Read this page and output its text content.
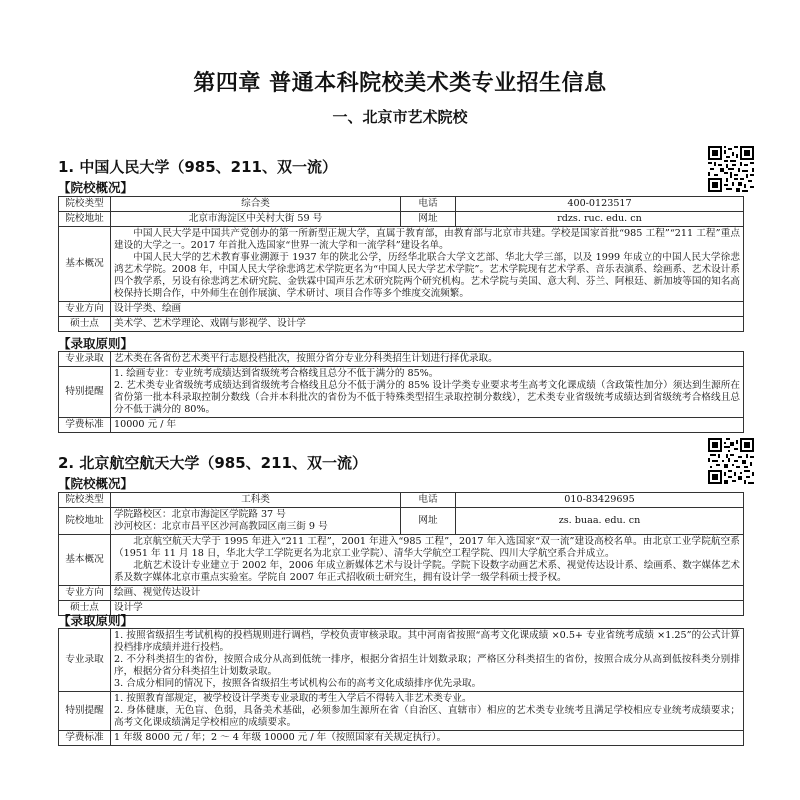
第四章 普通本科院校美术类专业招生信息
一、北京市艺术院校
1. 中国人民大学（985、211、双一流）
【院校概况】
院校类型	综合类	电话	400-0123517
院校地址	北京市海淀区中关村大街 59 号	网址	rdzs. ruc. edu. cn
基本概况	中国人民大学是中国共产党创办的第一所新型正规大学，直属于教育部，由教育部与北京市共建。学校是国家首批“985 工程”“211 工程”重点建设的大学之一。2017 年首批入选国家“世界一流大学和一流学科”建设名单。

中国人民大学的艺术教育事业溯源于 1937 年的陕北公学，历经华北联合大学文艺部、华北大学三部，以及 1999 年成立的中国人民大学徐悲鸿艺术学院。2008 年，中国人民大学徐悲鸿艺术学院更名为“中国人民大学艺术学院”。艺术学院现有艺术学系、音乐表演系、绘画系、艺术设计系四个教学系，另设有徐悲鸿艺术研究院、金铁霖中国声乐艺术研究院两个研究机构。艺术学院与美国、意大利、芬兰、阿根廷、新加坡等国的知名高校保持长期合作，中外师生在创作展演、学术研讨、项目合作等多个维度交流频繁。		

专业方向	设计学类、绘画		
硕士点	美术学、艺术学理论、戏剧与影视学、设计学		
【录取原则】
专业录取	艺术类在各省份艺术类平行志愿投档批次，按照分省分专业分科类招生计划进行择优录取。
特别提醒	1. 绘画专业：专业统考成绩达到省级统考合格线且总分不低于满分的 85%。

2. 艺术类专业省级统考成绩达到省级统考合格线且总分不低于满分的 85% 设计学类专业要求考生高考文化课成绩（含政策性加分）须达到生源所在省份第一批本科录取控制分数线（合并本科批次的省份为不低于特殊类型招生录取控制分数线），艺术类专业省级统考成绩达到省级统考合格线且总分不低于满分的 80%。

学费标准	10000 元 / 年
2. 北京航空航天大学（985、211、双一流）
【院校概况】
院校类型	工科类	电话	010-83429695
院校地址	学院路校区：北京市海淀区学院路 37 号
沙河校区：北京市昌平区沙河高教园区南三街 9 号	网址	zs. buaa. edu. cn
基本概况	北京航空航天大学于 1995 年进入“211 工程”，2001 年进入“985 工程”，2017 年入选国家“双一流”建设高校名单。由北京工业学院航空系（1951 年 11 月 18 日，华北大学工学院更名为北京工业学院）、清华大学航空工程学院、四川大学航空系合并成立。

北航艺术设计专业建立于 2002 年，2006 年成立新媒体艺术与设计学院。学院下设数字动画艺术系、视觉传达设计系、绘画系、数字媒体艺术系及数字媒体北京市重点实验室。学院自 2007 年正式招收硕士研究生，拥有设计学一级学科硕士授予权。		

专业方向	绘画、视觉传达设计		
硕士点	设计学		
【录取原则】
专业录取	1. 按照省级招生考试机构的投档规则进行调档，学校负责审核录取。其中河南省按照“高考文化课成绩 ×0.5+ 专业省统考成绩 ×1.25”的公式计算投档排序成绩并进行投档。

2. 不分科类招生的省份，按照合成分从高到低统一排序，根据分省招生计划数录取；严格区分科类招生的省份，按照合成分从高到低按科类分别排序，根据分省分科类招生计划数录取。

3. 合成分相同的情况下，按照各省级招生考试机构公布的高考文化成绩排序优先录取。

特别提醒	1. 按照教育部规定，被学校设计学类专业录取的考生入学后不得转入非艺术类专业。

2. 身体健康，无色盲、色弱，具备美术基础，必须参加生源所在省（自治区、直辖市）相应的艺术类专业统考且满足学校相应专业统考成绩要求；高考文化课成绩满足学校相应的成绩要求。

学费标准	1 年级 8000 元 / 年；2 ～ 4 年级 10000 元 / 年（按照国家有关规定执行）。
